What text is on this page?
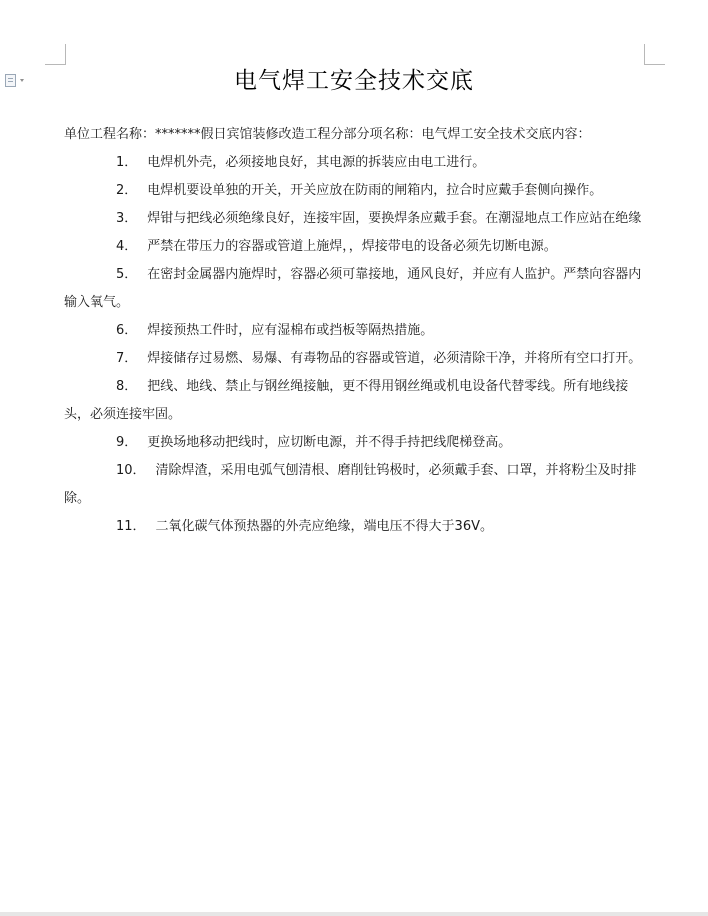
电气焊工安全技术交底

单位工程名称：*******假日宾馆装修改造工程分部分项名称：电气焊工安全技术交底内容：

1． 电焊机外壳，必须接地良好，其电源的拆装应由电工进行。

2． 电焊机要设单独的开关，开关应放在防雨的闸箱内，拉合时应戴手套侧向操作。

3． 焊钳与把线必须绝缘良好，连接牢固，要换焊条应戴手套。在潮湿地点工作应站在绝缘

4． 严禁在带压力的容器或管道上施焊，，焊接带电的设备必须先切断电源。

5． 在密封金属器内施焊时，容器必须可靠接地，通风良好，并应有人监护。严禁向容器内输入氧气。

6． 焊接预热工件时，应有湿棉布或挡板等隔热措施。

7． 焊接储存过易燃、易爆、有毒物品的容器或管道，必须清除干净，并将所有空口打开。

8． 把线、地线、禁止与钢丝绳接触，更不得用钢丝绳或机电设备代替零线。所有地线接头，必须连接牢固。

9． 更换场地移动把线时，应切断电源，并不得手持把线爬梯登高。

10． 清除焊渣，采用电弧气刨清根、磨削钍钨极时，必须戴手套、口罩，并将粉尘及时排除。

11． 二氧化碳气体预热器的外壳应绝缘，端电压不得大于36V。
